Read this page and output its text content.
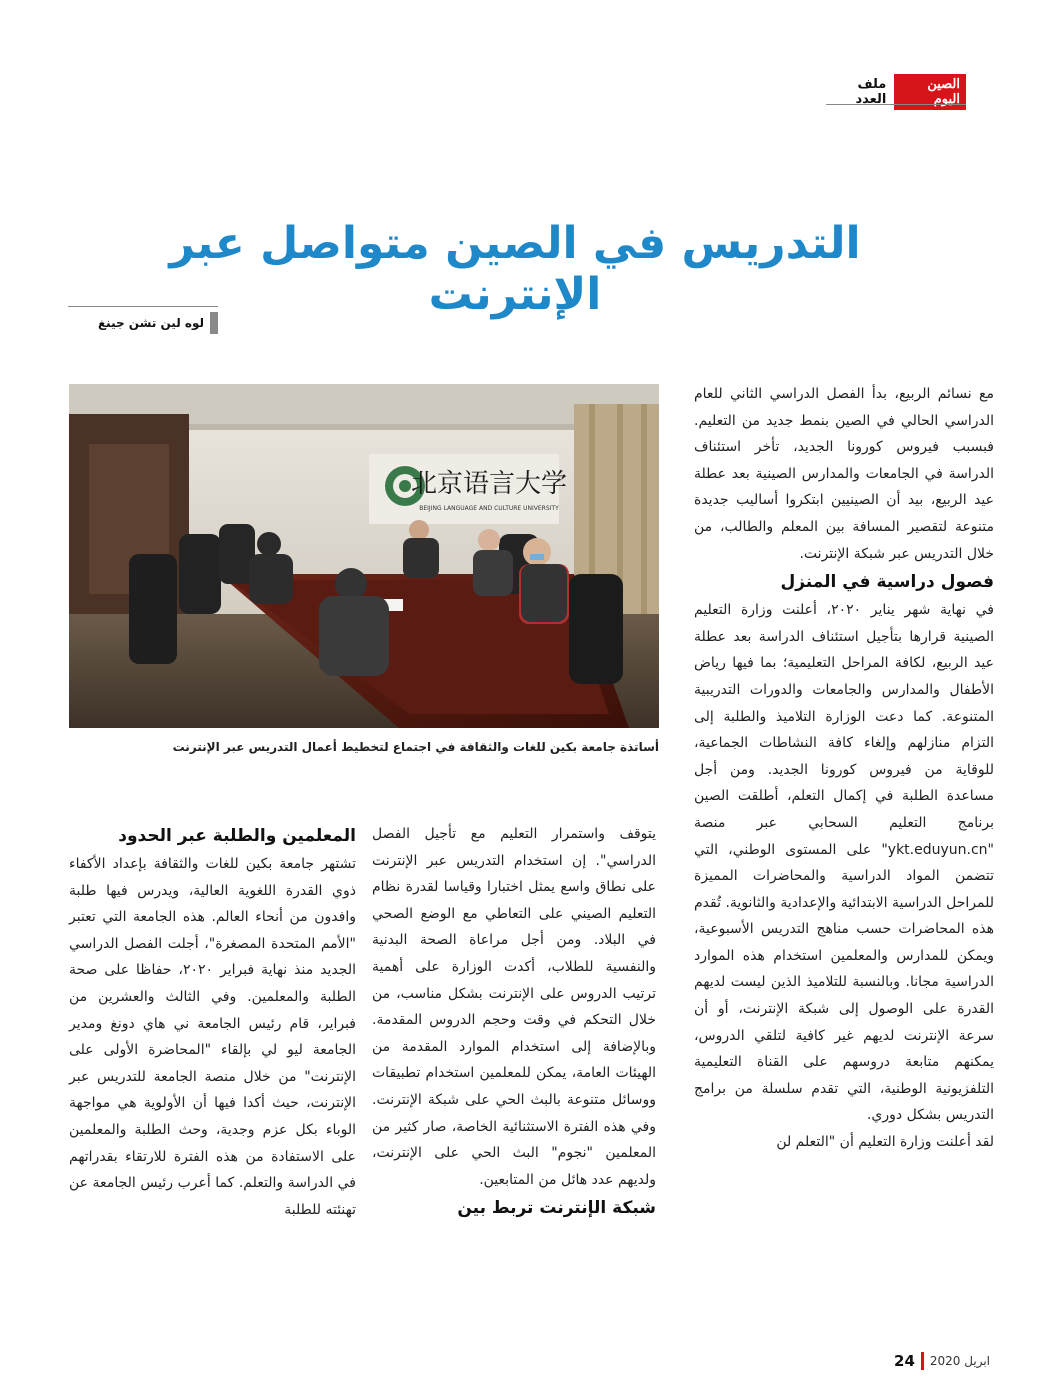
الصين اليوم
ملف العدد
التدريس في الصين متواصل عبر الإنترنت
لوه لين تشن جينغ
北京语言大学
BEIJING LANGUAGE AND CULTURE UNIVERSITY
أساتذة جامعة بكين للغات والثقافة في اجتماع لتخطيط أعمال التدريس عبر الإنترنت

مع نسائم الربيع، بدأ الفصل الدراسي الثاني للعام الدراسي الحالي في الصين بنمط جديد من التعليم. فبسبب فيروس كورونا الجديد، تأخر استئناف الدراسة في الجامعات والمدارس الصينية بعد عطلة عيد الربيع، بيد أن الصينيين ابتكروا أساليب جديدة متنوعة لتقصير المسافة بين المعلم والطالب، من خلال التدريس عبر شبكة الإنترنت.

فصول دراسية في المنزل

في نهاية شهر يناير ٢٠٢٠، أعلنت وزارة التعليم الصينية قرارها بتأجيل استئناف الدراسة بعد عطلة عيد الربيع، لكافة المراحل التعليمية؛ بما فيها رياض الأطفال والمدارس والجامعات والدورات التدريبية المتنوعة. كما دعت الوزارة التلاميذ والطلبة إلى التزام منازلهم وإلغاء كافة النشاطات الجماعية، للوقاية من فيروس كورونا الجديد. ومن أجل مساعدة الطلبة في إكمال التعلم، أطلقت الصين برنامج التعليم السحابي عبر منصة "ykt.eduyun.cn" على المستوى الوطني، التي تتضمن المواد الدراسية والمحاضرات المميزة للمراحل الدراسية الابتدائية والإعدادية والثانوية. تُقدم هذه المحاضرات حسب مناهج التدريس الأسبوعية، ويمكن للمدارس والمعلمين استخدام هذه الموارد الدراسية مجانا. وبالنسبة للتلاميذ الذين ليست لديهم القدرة على الوصول إلى شبكة الإنترنت، أو أن سرعة الإنترنت لديهم غير كافية لتلقي الدروس، يمكنهم متابعة دروسهم على القناة التعليمية التلفزيونية الوطنية، التي تقدم سلسلة من برامج التدريس بشكل دوري.

لقد أعلنت وزارة التعليم أن "التعلم لن

يتوقف واستمرار التعليم مع تأجيل الفصل الدراسي". إن استخدام التدريس عبر الإنترنت على نطاق واسع يمثل اختبارا وقياسا لقدرة نظام التعليم الصيني على التعاطي مع الوضع الصحي في البلاد. ومن أجل مراعاة الصحة البدنية والنفسية للطلاب، أكدت الوزارة على أهمية ترتيب الدروس على الإنترنت بشكل مناسب، من خلال التحكم في وقت وحجم الدروس المقدمة. وبالإضافة إلى استخدام الموارد المقدمة من الهيئات العامة، يمكن للمعلمين استخدام تطبيقات ووسائل متنوعة بالبث الحي على شبكة الإنترنت. وفي هذه الفترة الاستثنائية الخاصة، صار كثير من المعلمين "نجوم" البث الحي على الإنترنت، ولديهم عدد هائل من المتابعين.

شبكة الإنترنت تربط بين

المعلمين والطلبة عبر الحدود

تشتهر جامعة بكين للغات والثقافة بإعداد الأكفاء ذوي القدرة اللغوية العالية، ويدرس فيها طلبة وافدون من أنحاء العالم. هذه الجامعة التي تعتبر "الأمم المتحدة المصغرة"، أجلت الفصل الدراسي الجديد منذ نهاية فبراير ٢٠٢٠، حفاظا على صحة الطلبة والمعلمين. وفي الثالث والعشرين من فبراير، قام رئيس الجامعة ني هاي دونغ ومدير الجامعة ليو لي بإلقاء "المحاضرة الأولى على الإنترنت" من خلال منصة الجامعة للتدريس عبر الإنترنت، حيث أكدا فيها أن الأولوية هي مواجهة الوباء بكل عزم وجدية، وحث الطلبة والمعلمين على الاستفادة من هذه الفترة للارتقاء بقدراتهم في الدراسة والتعلم. كما أعرب رئيس الجامعة عن تهنئته للطلبة

ابريل 2020
24
